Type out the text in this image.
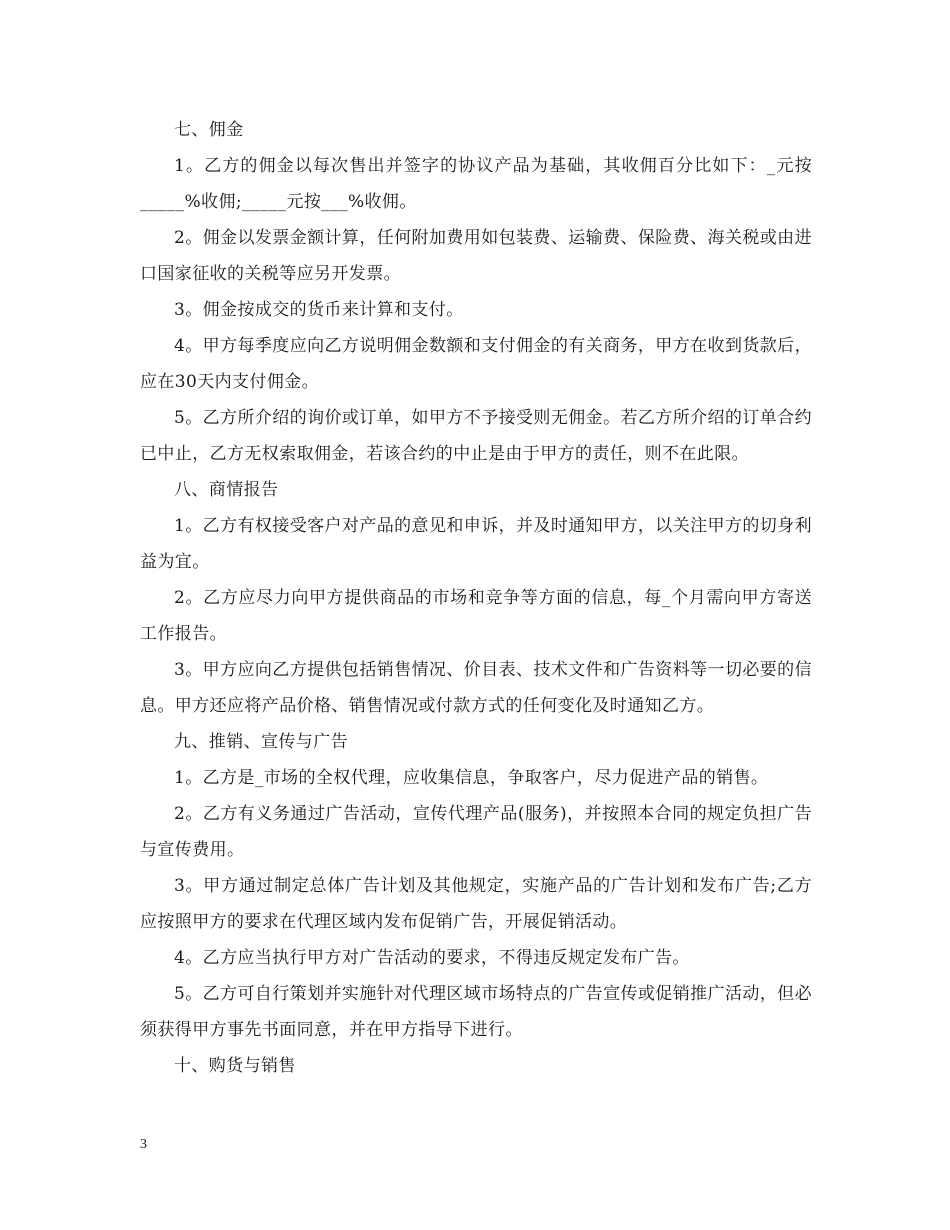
七、佣金

1。乙方的佣金以每次售出并签字的协议产品为基础，其收佣百分比如下：_元按_____%收佣;_____元按___%收佣。

2。佣金以发票金额计算，任何附加费用如包装费、运输费、保险费、海关税或由进口国家征收的关税等应另开发票。

3。佣金按成交的货币来计算和支付。

4。甲方每季度应向乙方说明佣金数额和支付佣金的有关商务，甲方在收到货款后，应在30天内支付佣金。

5。乙方所介绍的询价或订单，如甲方不予接受则无佣金。若乙方所介绍的订单合约已中止，乙方无权索取佣金，若该合约的中止是由于甲方的责任，则不在此限。

八、商情报告

1。乙方有权接受客户对产品的意见和申诉，并及时通知甲方，以关注甲方的切身利益为宜。

2。乙方应尽力向甲方提供商品的市场和竞争等方面的信息，每_个月需向甲方寄送工作报告。

3。甲方应向乙方提供包括销售情况、价目表、技术文件和广告资料等一切必要的信息。甲方还应将产品价格、销售情况或付款方式的任何变化及时通知乙方。

九、推销、宣传与广告

1。乙方是_市场的全权代理，应收集信息，争取客户，尽力促进产品的销售。

2。乙方有义务通过广告活动，宣传代理产品(服务)，并按照本合同的规定负担广告与宣传费用。

3。甲方通过制定总体广告计划及其他规定，实施产品的广告计划和发布广告;乙方应按照甲方的要求在代理区域内发布促销广告，开展促销活动。

4。乙方应当执行甲方对广告活动的要求，不得违反规定发布广告。

5。乙方可自行策划并实施针对代理区域市场特点的广告宣传或促销推广活动，但必须获得甲方事先书面同意，并在甲方指导下进行。

十、购货与销售

3
